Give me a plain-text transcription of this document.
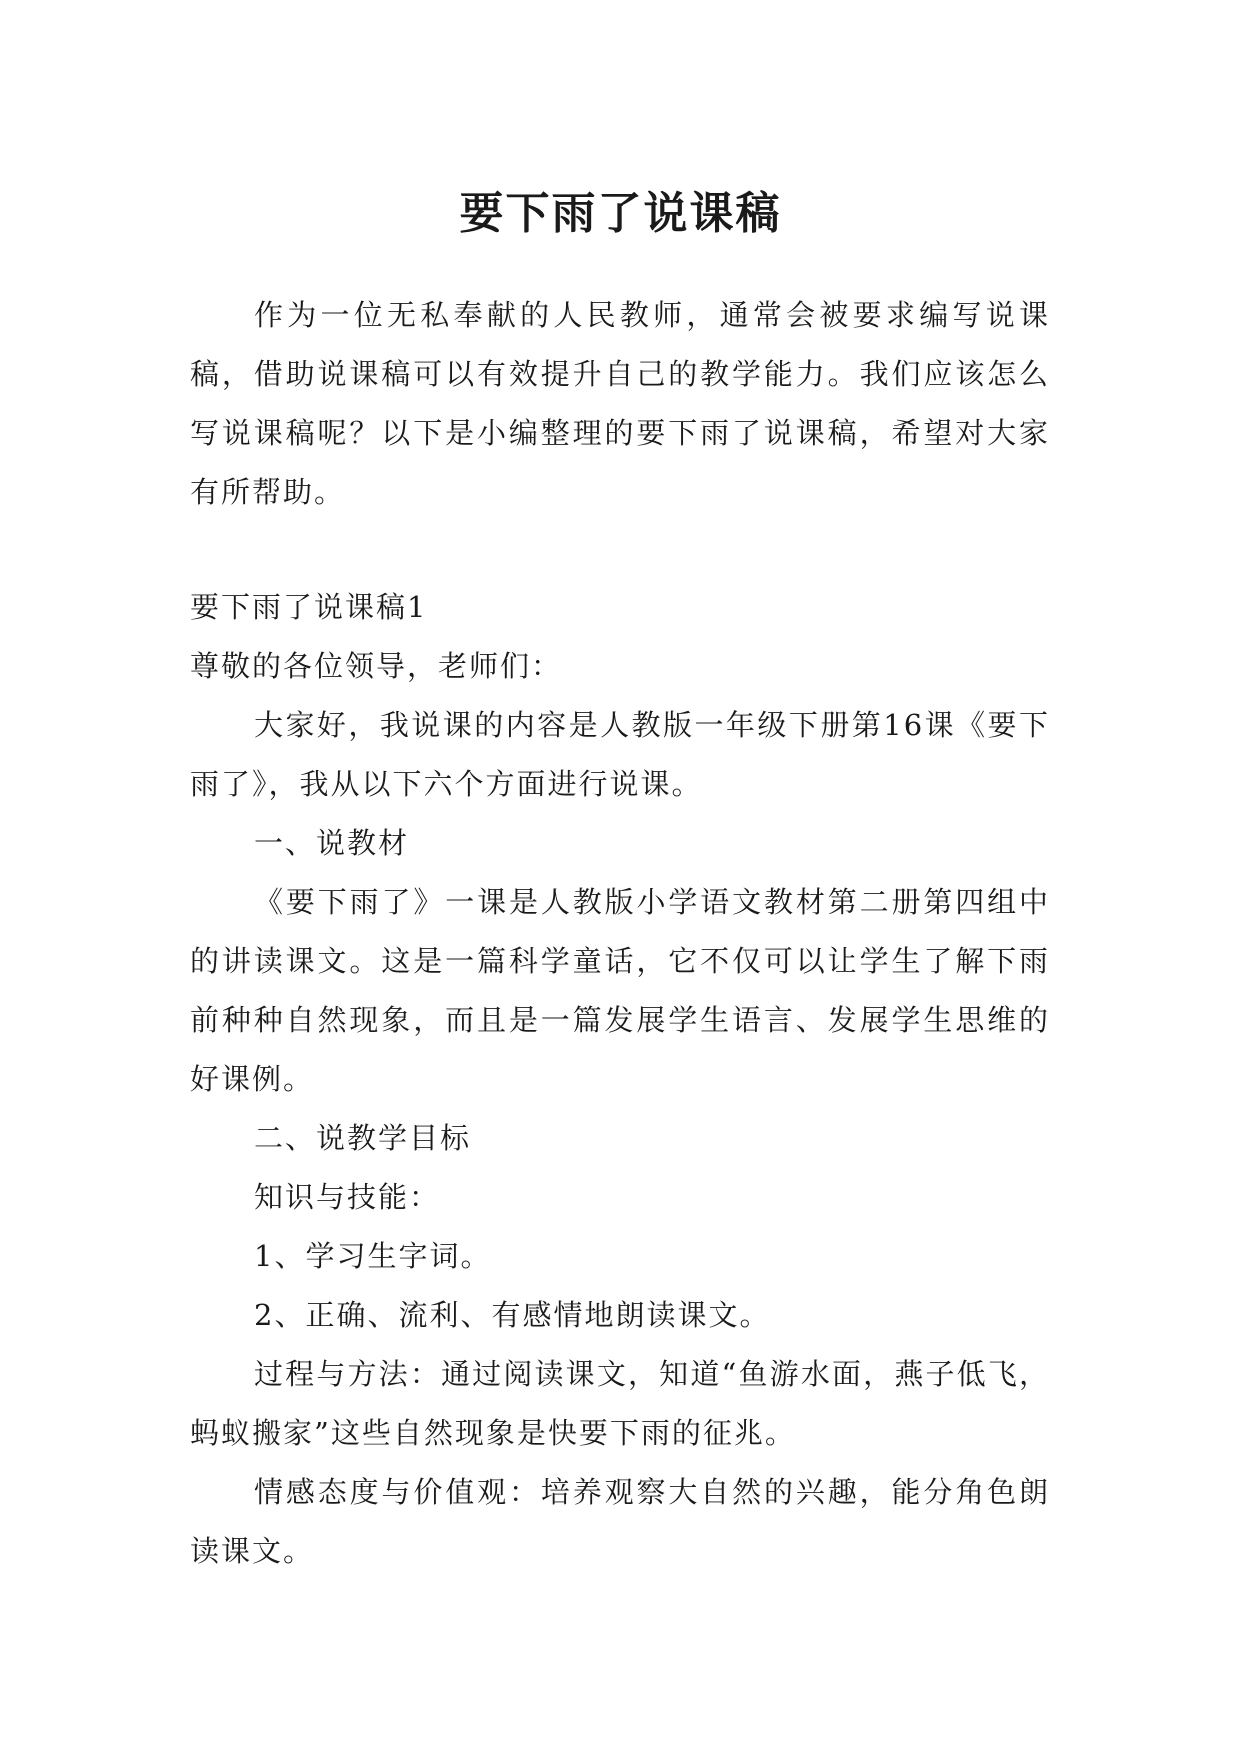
要下雨了说课稿

作为一位无私奉献的人民教师，通常会被要求编写说课稿，借助说课稿可以有效提升自己的教学能力。我们应该怎么写说课稿呢？以下是小编整理的要下雨了说课稿，希望对大家有所帮助。

要下雨了说课稿1

尊敬的各位领导，老师们：

大家好，我说课的内容是人教版一年级下册第16课《要下雨了》，我从以下六个方面进行说课。

一、说教材

《要下雨了》一课是人教版小学语文教材第二册第四组中的讲读课文。这是一篇科学童话，它不仅可以让学生了解下雨前种种自然现象，而且是一篇发展学生语言、发展学生思维的好课例。

二、说教学目标

知识与技能：

1、学习生字词。

2、正确、流利、有感情地朗读课文。

过程与方法：通过阅读课文，知道“鱼游水面，燕子低飞，蚂蚁搬家”这些自然现象是快要下雨的征兆。

情感态度与价值观：培养观察大自然的兴趣，能分角色朗读课文。
